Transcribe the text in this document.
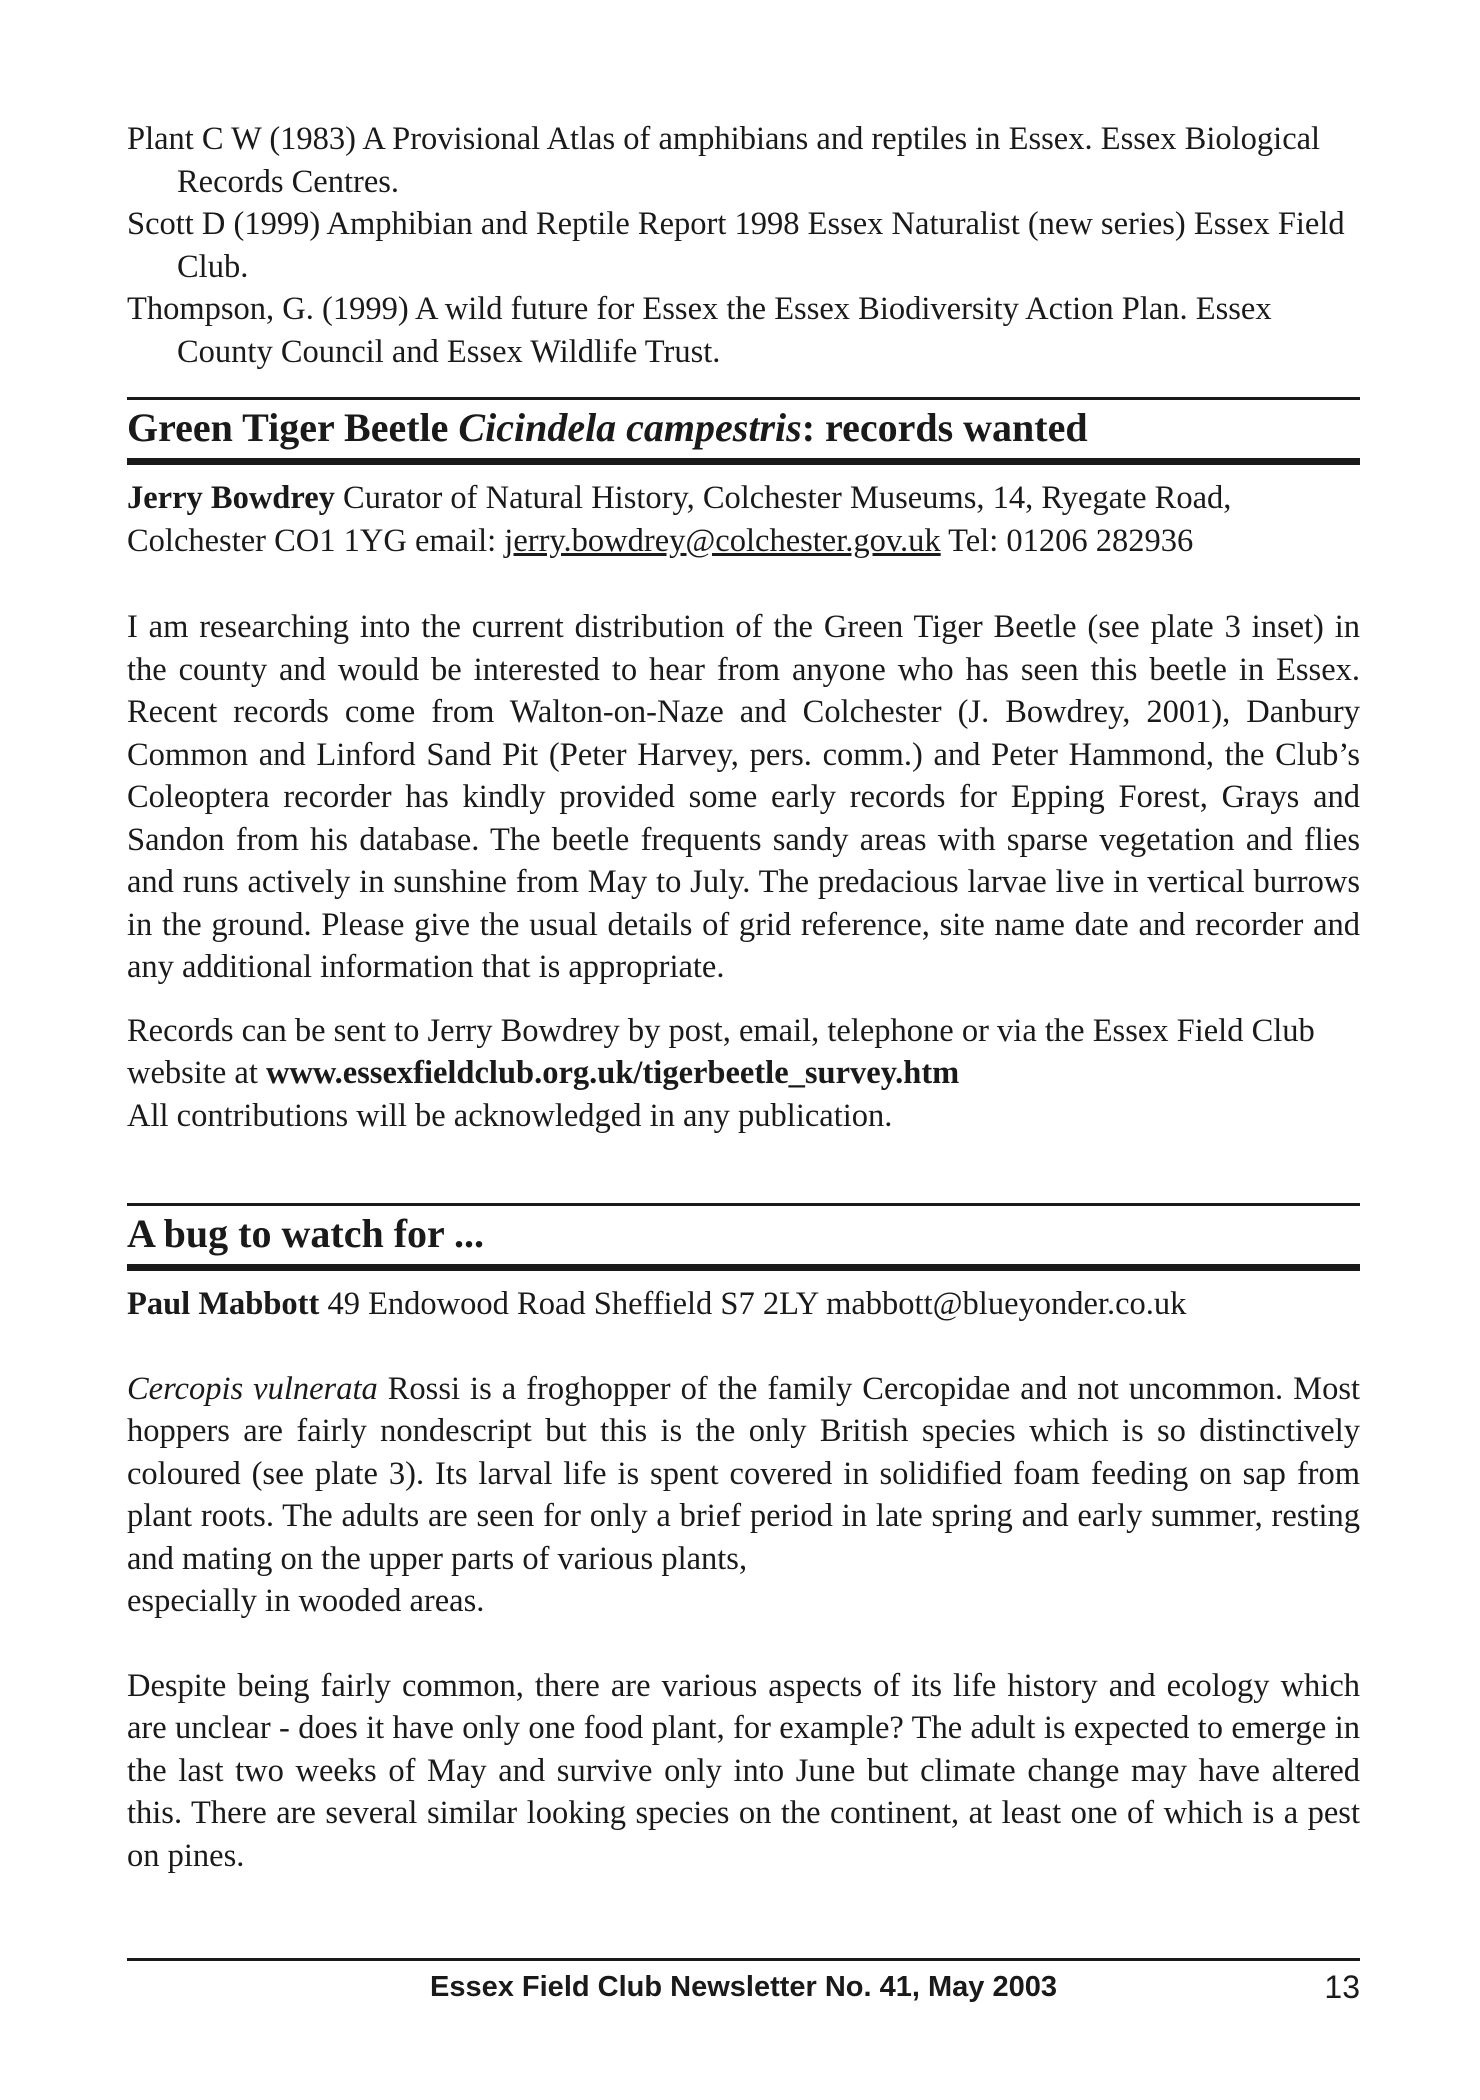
Plant C W (1983) A Provisional Atlas of amphibians and reptiles in Essex. Essex Biological Records Centres.

Scott D (1999) Amphibian and Reptile Report 1998 Essex Naturalist (new series) Essex Field Club.

Thompson, G. (1999) A wild future for Essex the Essex Biodiversity Action Plan. Essex County Council and Essex Wildlife Trust.

Green Tiger Beetle Cicindela campestris: records wanted

Jerry Bowdrey Curator of Natural History, Colchester Museums, 14, Ryegate Road, Colchester CO1 1YG email: jerry.bowdrey@colchester.gov.uk Tel: 01206 282936

I am researching into the current distribution of the Green Tiger Beetle (see plate 3 inset) in the county and would be interested to hear from anyone who has seen this beetle in Essex. Recent records come from Walton-on-Naze and Colchester (J. Bowdrey, 2001), Danbury Common and Linford Sand Pit (Peter Harvey, pers. comm.) and Peter Hammond, the Club’s Coleoptera recorder has kindly provided some early records for Epping Forest, Grays and Sandon from his database. The beetle frequents sandy areas with sparse vegetation and flies and runs actively in sunshine from May to July. The predacious larvae live in vertical burrows in the ground. Please give the usual details of grid reference, site name date and recorder and any additional information that is appropriate.

Records can be sent to Jerry Bowdrey by post, email, telephone or via the Essex Field Club website at www.essexfieldclub.org.uk/tigerbeetle_survey.htm
All contributions will be acknowledged in any publication.

A bug to watch for ...

Paul Mabbott 49 Endowood Road Sheffield S7 2LY mabbott@blueyonder.co.uk

Cercopis vulnerata Rossi is a froghopper of the family Cercopidae and not uncommon. Most hoppers are fairly nondescript but this is the only British species which is so distinctively coloured (see plate 3). Its larval life is spent covered in solidified foam feeding on sap from plant roots. The adults are seen for only a brief period in late spring and early summer, resting and mating on the upper parts of various plants,

especially in wooded areas.

Despite being fairly common, there are various aspects of its life history and ecology which are unclear - does it have only one food plant, for example? The adult is expected to emerge in the last two weeks of May and survive only into June but climate change may have altered this. There are several similar looking species on the continent, at least one of which is a pest on pines.

Essex Field Club Newsletter No. 41, May 2003	13
